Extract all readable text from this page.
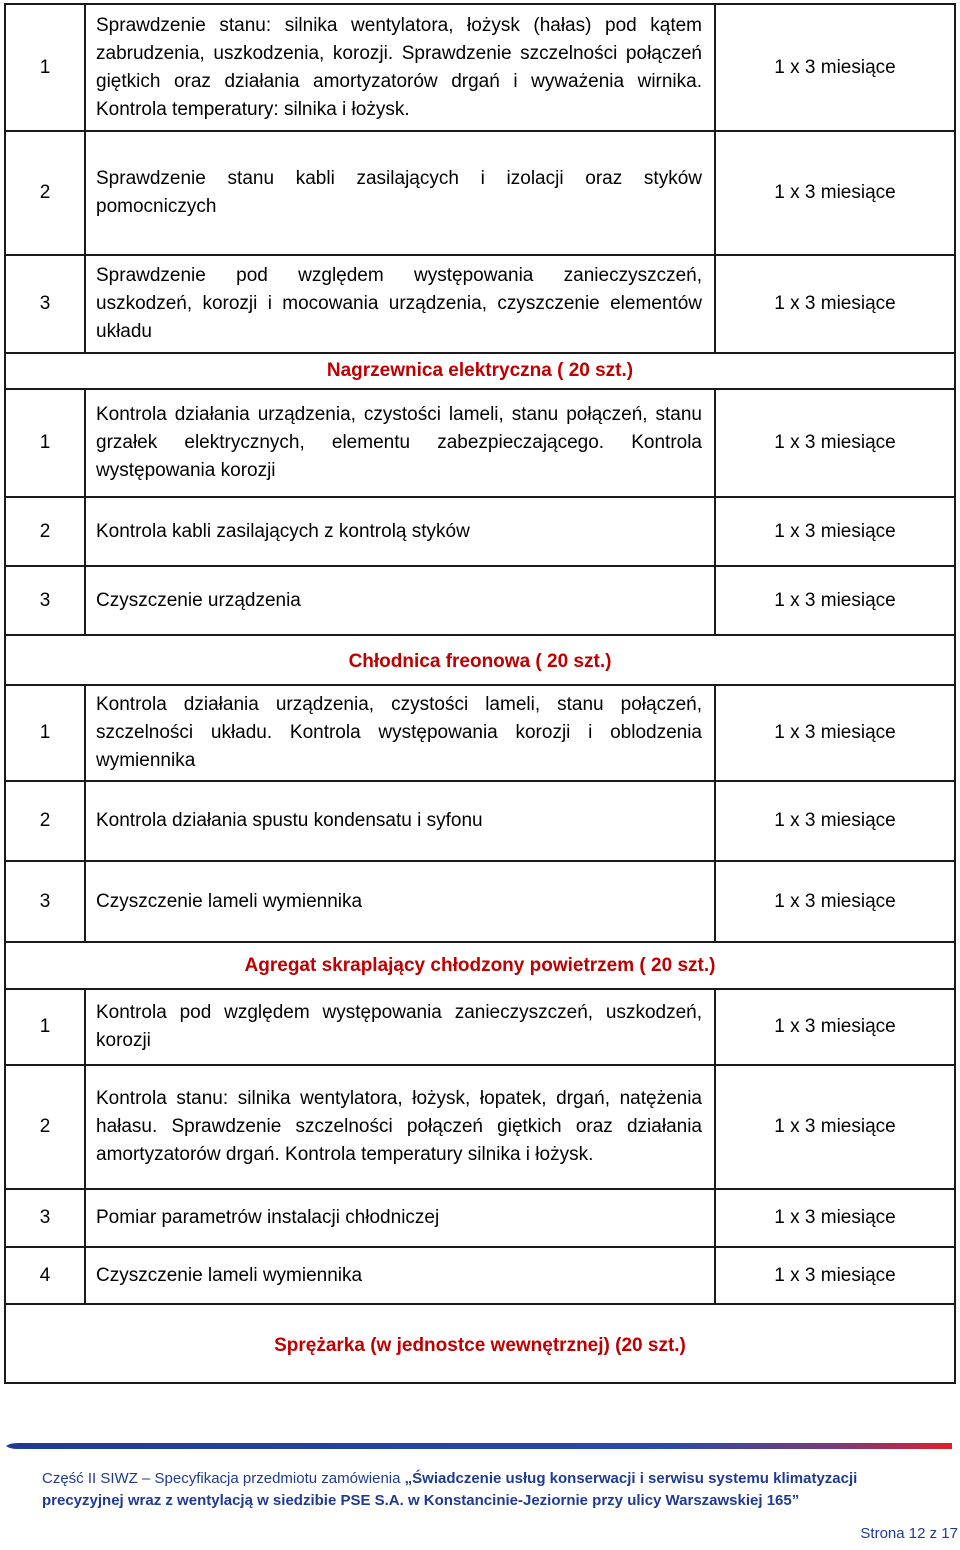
1	Sprawdzenie stanu: silnika wentylatora, łożysk (hałas) pod kątem zabrudzenia, uszkodzenia, korozji. Sprawdzenie szczelności połączeń giętkich oraz działania amortyzatorów drgań i wyważenia wirnika. Kontrola temperatury: silnika i łożysk.	1 x 3 miesiące
2	Sprawdzenie stanu kabli zasilających i izolacji oraz styków pomocniczych	1 x 3 miesiące
3	Sprawdzenie pod względem występowania zanieczyszczeń, uszkodzeń, korozji i mocowania urządzenia, czyszczenie elementów układu	1 x 3 miesiące
Nagrzewnica elektryczna ( 20 szt.)		
1	Kontrola działania urządzenia, czystości lameli, stanu połączeń, stanu grzałek elektrycznych, elementu zabezpieczającego. Kontrola występowania korozji	1 x 3 miesiące
2	Kontrola kabli zasilających z kontrolą styków	1 x 3 miesiące
3	Czyszczenie urządzenia	1 x 3 miesiące
Chłodnica freonowa ( 20 szt.)		
1	Kontrola działania urządzenia, czystości lameli, stanu połączeń, szczelności układu. Kontrola występowania korozji i oblodzenia wymiennika	1 x 3 miesiące
2	Kontrola działania spustu kondensatu i syfonu	1 x 3 miesiące
3	Czyszczenie lameli wymiennika	1 x 3 miesiące
Agregat skraplający chłodzony powietrzem ( 20 szt.)		
1	Kontrola pod względem występowania zanieczyszczeń, uszkodzeń, korozji	1 x 3 miesiące
2	Kontrola stanu: silnika wentylatora, łożysk, łopatek, drgań, natężenia hałasu. Sprawdzenie szczelności połączeń giętkich oraz działania amortyzatorów drgań. Kontrola temperatury silnika i łożysk.	1 x 3 miesiące
3	Pomiar parametrów instalacji chłodniczej	1 x 3 miesiące
4	Czyszczenie lameli wymiennika	1 x 3 miesiące
Sprężarka (w jednostce wewnętrznej) (20 szt.)		
Część II SIWZ – Specyfikacja przedmiotu zamówienia „Świadczenie usług konserwacji i serwisu systemu klimatyzacji
precyzyjnej wraz z wentylacją w siedzibie PSE S.A. w Konstancinie-Jeziornie przy ulicy Warszawskiej 165”
Strona 12 z 17
